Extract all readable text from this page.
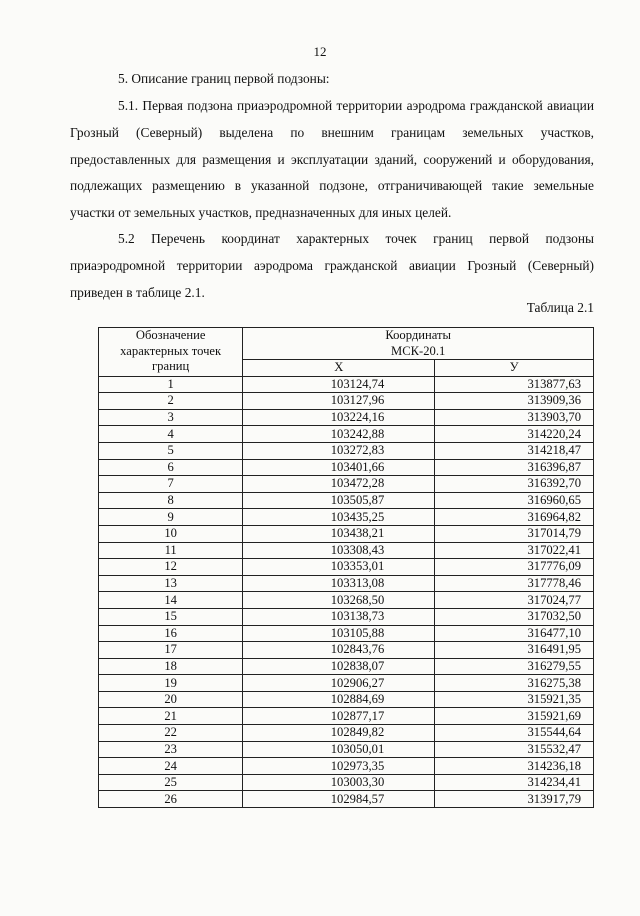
12

5. Описание границ первой подзоны:

5.1. Первая подзона приаэродромной территории аэродрома гражданской авиации Грозный (Северный) выделена по внешним границам земельных участков, предоставленных для размещения и эксплуатации зданий, сооружений и оборудования, подлежащих размещению в указанной подзоне, отграничивающей такие земельные участки от земельных участков, предназначенных для иных целей.

5.2 Перечень координат характерных точек границ первой подзоны приаэродромной территории аэродрома гражданской авиации Грозный (Северный) приведен в таблице 2.1.

Таблица 2.1
Обозначение характерных точек границ	Координаты МСК-20.1	
	Х	У
1	103124,74	313877,63
2	103127,96	313909,36
3	103224,16	313903,70
4	103242,88	314220,24
5	103272,83	314218,47
6	103401,66	316396,87
7	103472,28	316392,70
8	103505,87	316960,65
9	103435,25	316964,82
10	103438,21	317014,79
11	103308,43	317022,41
12	103353,01	317776,09
13	103313,08	317778,46
14	103268,50	317024,77
15	103138,73	317032,50
16	103105,88	316477,10
17	102843,76	316491,95
18	102838,07	316279,55
19	102906,27	316275,38
20	102884,69	315921,35
21	102877,17	315921,69
22	102849,82	315544,64
23	103050,01	315532,47
24	102973,35	314236,18
25	103003,30	314234,41
26	102984,57	313917,79
